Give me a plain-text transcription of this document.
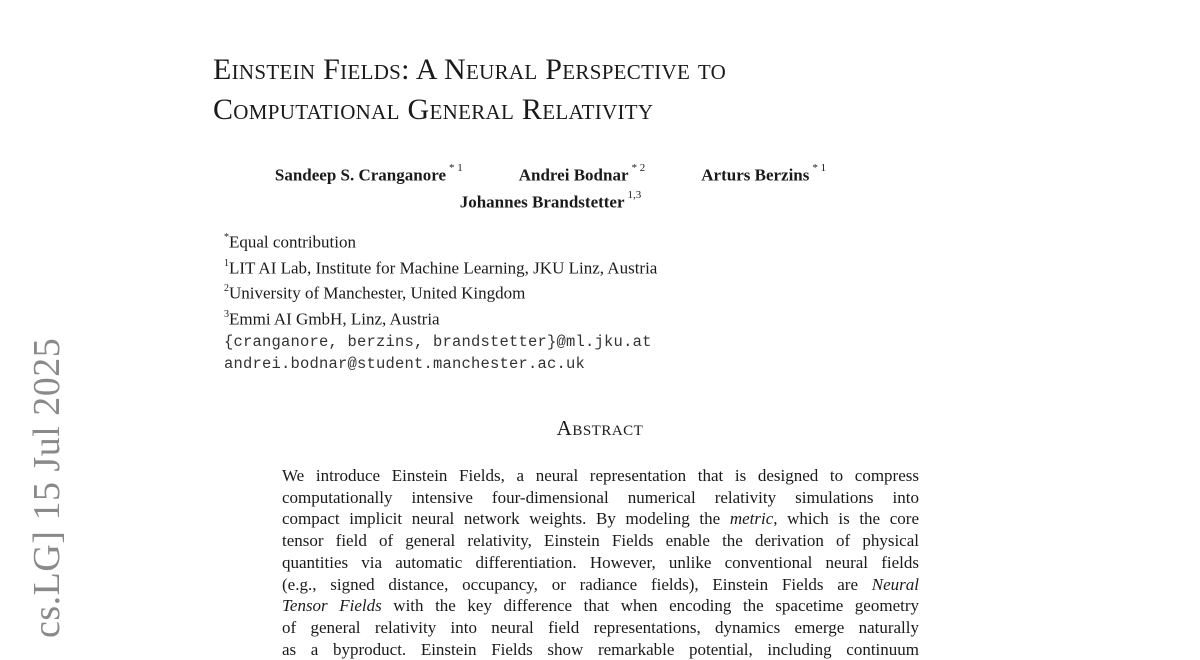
cs.LG] 15 Jul 2025
Einstein Fields: A Neural Perspective to
Computational General Relativity
Sandeep S. Cranganore $^{* 1}$	Andrei Bodnar $^{* 2}$	Arturs Berzins $^{* 1}$
Johannes Brandstetter $^{1,3}$
*Equal contribution
$^1$LIT AI Lab, Institute for Machine Learning, JKU Linz, Austria
$^2$University of Manchester, United Kingdom
$^3$Emmi AI GmbH, Linz, Austria
{cranganore, berzins, brandstetter}@ml.jku.at
andrei.bodnar@student.manchester.ac.uk
Abstract
We introduce Einstein Fields, a neural representation that is designed to compress
computationally intensive four-dimensional numerical relativity simulations into
compact implicit neural network weights. By modeling the metric, which is the core
tensor field of general relativity, Einstein Fields enable the derivation of physical
quantities via automatic differentiation. However, unlike conventional neural fields
(e.g., signed distance, occupancy, or radiance fields), Einstein Fields are Neural
Tensor Fields with the key difference that when encoding the spacetime geometry
of general relativity into neural field representations, dynamics emerge naturally
as a byproduct. Einstein Fields show remarkable potential, including continuum
